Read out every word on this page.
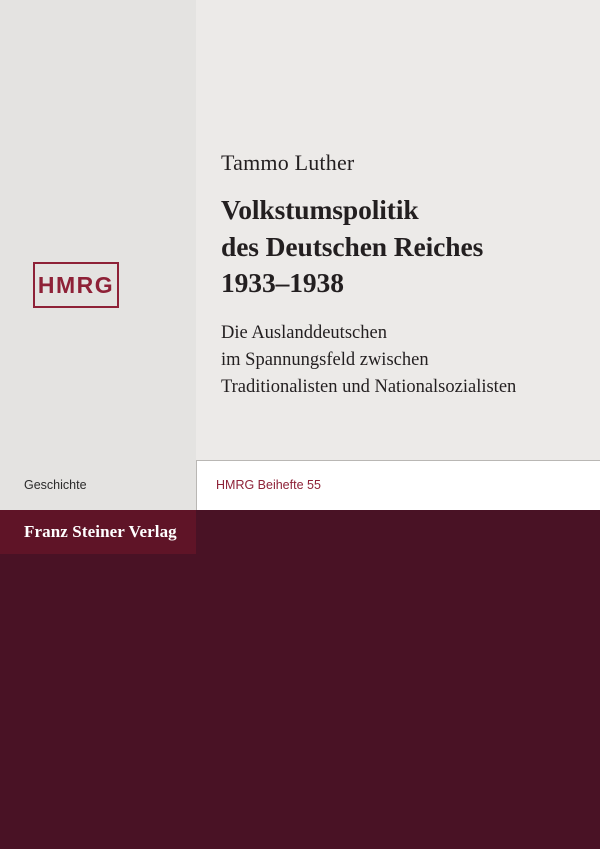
HMRG
Tammo Luther
Volkstumspolitik
des Deutschen Reiches
1933–1938
Die Auslanddeutschen
im Spannungsfeld zwischen
Traditionalisten und Nationalsozialisten
Geschichte	HMRG Beihefte 55
Franz Steiner Verlag
